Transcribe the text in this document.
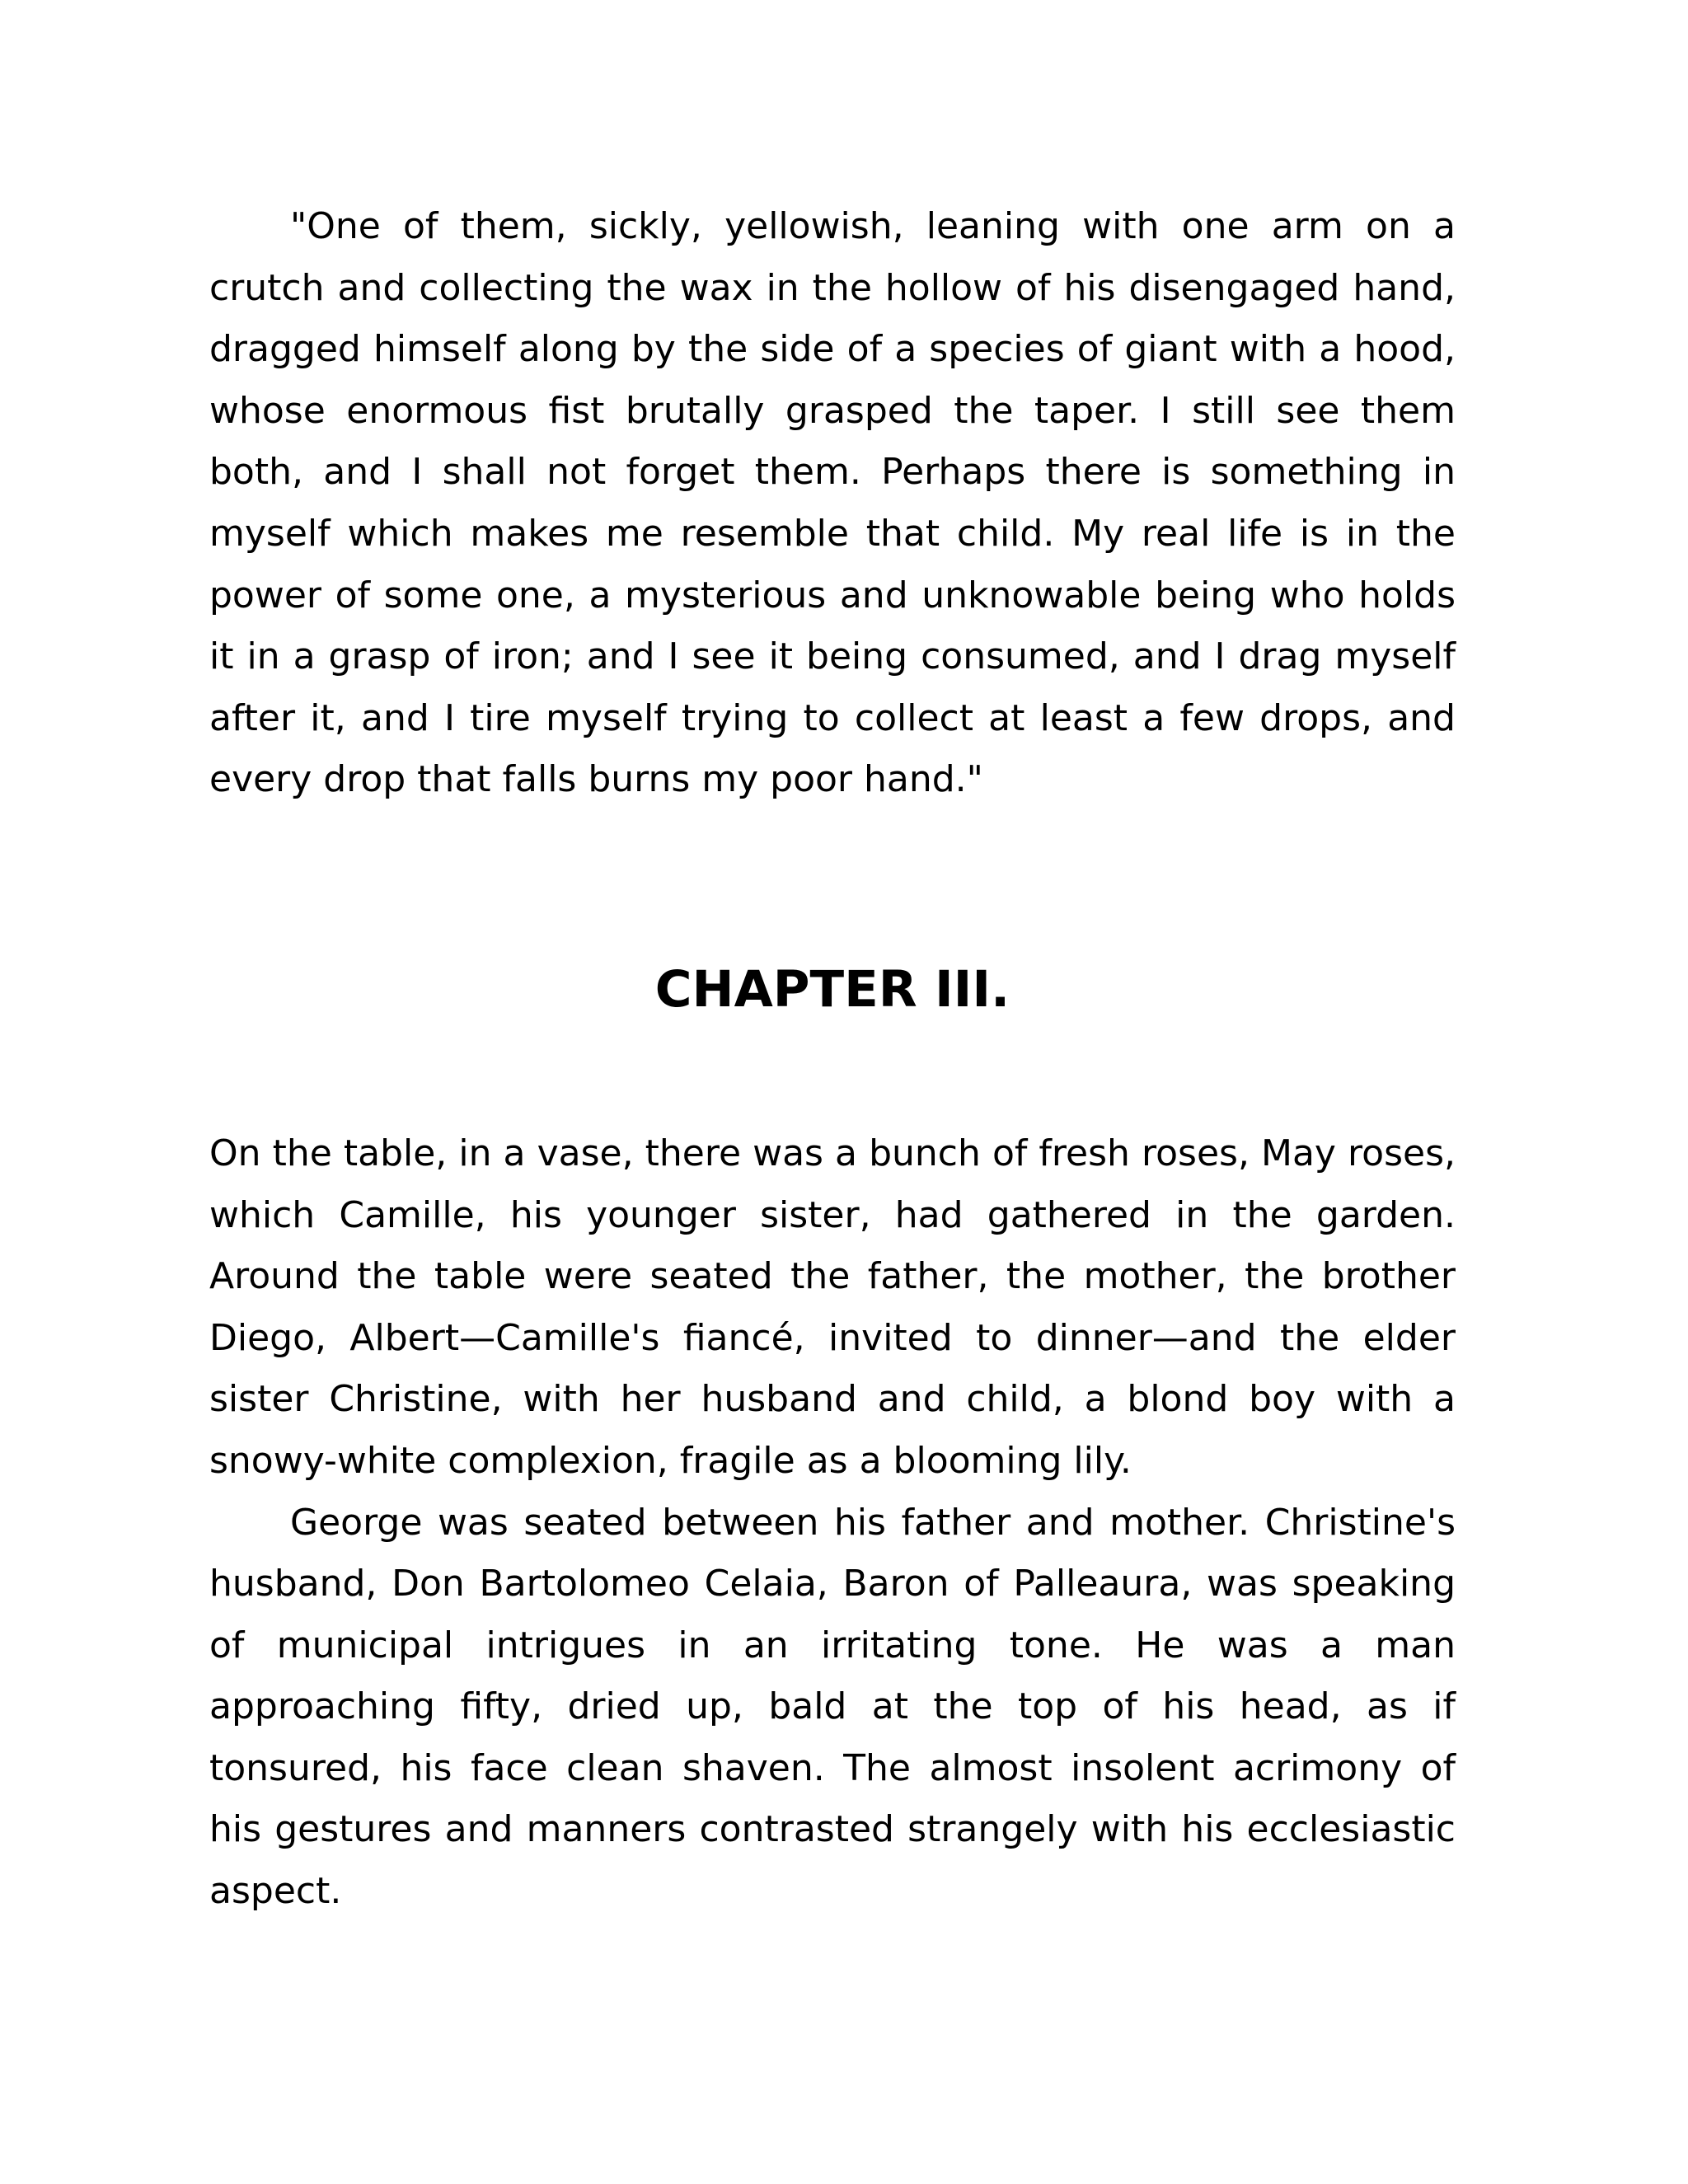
"One of them, sickly, yellowish, leaning with one arm on a crutch and collecting the wax in the hollow of his disengaged hand, dragged himself along by the side of a species of giant with a hood, whose enormous fist brutally grasped the taper. I still see them both, and I shall not forget them. Perhaps there is something in myself which makes me resemble that child. My real life is in the power of some one, a mysterious and unknowable being who holds it in a grasp of iron; and I see it being consumed, and I drag myself after it, and I tire myself trying to collect at least a few drops, and every drop that falls burns my poor hand."

CHAPTER III.

On the table, in a vase, there was a bunch of fresh roses, May roses, which Camille, his younger sister, had gathered in the garden. Around the table were seated the father, the mother, the brother Diego, Albert—Camille's fiancé, invited to dinner—and the elder sister Christine, with her husband and child, a blond boy with a snowy-white complexion, fragile as a blooming lily.

George was seated between his father and mother. Christine's husband, Don Bartolomeo Celaia, Baron of Palleaura, was speaking of municipal intrigues in an irritating tone. He was a man approaching fifty, dried up, bald at the top of his head, as if tonsured, his face clean shaven. The almost insolent acrimony of his gestures and manners contrasted strangely with his ecclesiastic aspect.
